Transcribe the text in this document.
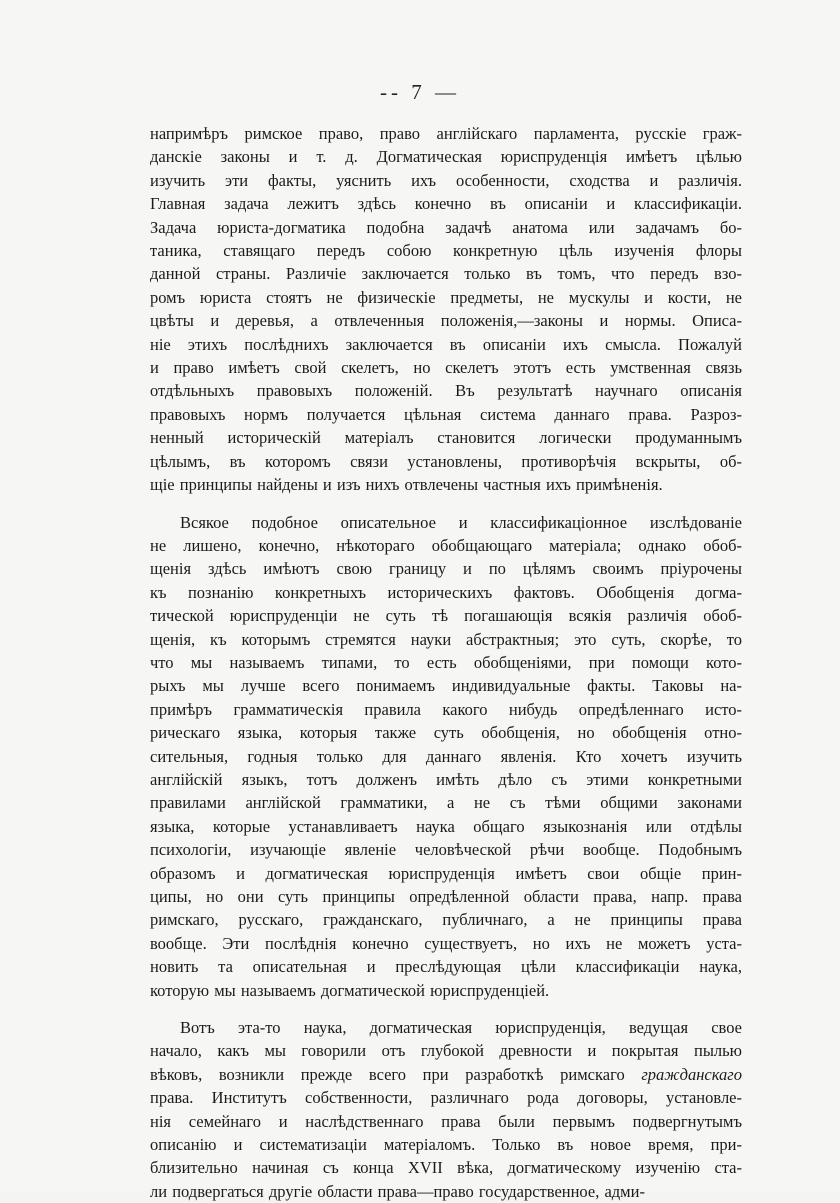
-- 7 —

напримѣръ римское право, право англійскаго парламента, русскіе граж-
данскіе законы и т. д. Догматическая юриспруденція имѣетъ цѣлью
изучить эти факты, уяснить ихъ особенности, сходства и различія.
Главная задача лежитъ здѣсь конечно въ описаніи и классификаціи.
Задача юриста-догматика подобна задачѣ анатома или задачамъ бо-
таника, ставящаго передъ собою конкретную цѣль изученія флоры
данной страны. Различіе заключается только въ томъ, что передъ взо-
ромъ юриста стоятъ не физическіе предметы, не мускулы и кости, не
цвѣты и деревья, а отвлеченныя положенія,—законы и нормы. Описа-
ніе этихъ послѣднихъ заключается въ описаніи ихъ смысла. Пожалуй
и право имѣетъ свой скелетъ, но скелетъ этотъ есть умственная связь
отдѣльныхъ правовыхъ положеній. Въ результатѣ научнаго описанія
правовыхъ нормъ получается цѣльная система даннаго права. Разроз-
ненный историческій матеріалъ становится логически продуманнымъ
цѣлымъ, въ которомъ связи установлены, противорѣчія вскрыты, об-
щіе принципы найдены и изъ нихъ отвлечены частныя ихъ примѣненія.

Всякое подобное описательное и классификаціонное изслѣдованіе
не лишено, конечно, нѣкотораго обобщающаго матеріала; однако обоб-
щенія здѣсь имѣютъ свою границу и по цѣлямъ своимъ пріурочены
къ познанію конкретныхъ историческихъ фактовъ. Обобщенія догма-
тической юриспруденціи не суть тѣ погашающія всякія различія обоб-
щенія, къ которымъ стремятся науки абстрактныя; это суть, скорѣе, то
что мы называемъ типами, то есть обобщеніями, при помощи кото-
рыхъ мы лучше всего понимаемъ индивидуальные факты. Таковы на-
примѣръ грамматическія правила какого нибудь опредѣленнаго исто-
рическаго языка, которыя также суть обобщенія, но обобщенія отно-
сительныя, годныя только для даннаго явленія. Кто хочетъ изучить
англійскій языкъ, тотъ долженъ имѣть дѣло съ этими конкретными
правилами англійской грамматики, а не съ тѣми общими законами
языка, которые устанавливаетъ наука общаго языкознанія или отдѣлы
психологіи, изучающіе явленіе человѣческой рѣчи вообще. Подобнымъ
образомъ и догматическая юриспруденція имѣетъ свои общіе прин-
ципы, но они суть принципы опредѣленной области права, напр. права
римскаго, русскаго, гражданскаго, публичнаго, а не принципы права
вообще. Эти послѣднія конечно существуетъ, но ихъ не можетъ уста-
новить та описательная и преслѣдующая цѣли классификаціи наука,
которую мы называемъ догматической юриспруденціей.

Вотъ эта-то наука, догматическая юриспруденція, ведущая свое
начало, какъ мы говорили отъ глубокой древности и покрытая пылью
вѣковъ, возникли прежде всего при разработкѣ римскаго гражданскаго
права. Институтъ собственности, различнаго рода договоры, установле-
нія семейнаго и наслѣдственнаго права были первымъ подвергнутымъ
описанію и систематизаціи матеріаломъ. Только въ новое время, при-
близительно начиная съ конца XVII вѣка, догматическому изученію ста-
ли подвергаться другіе области права—право государственное, адми-
